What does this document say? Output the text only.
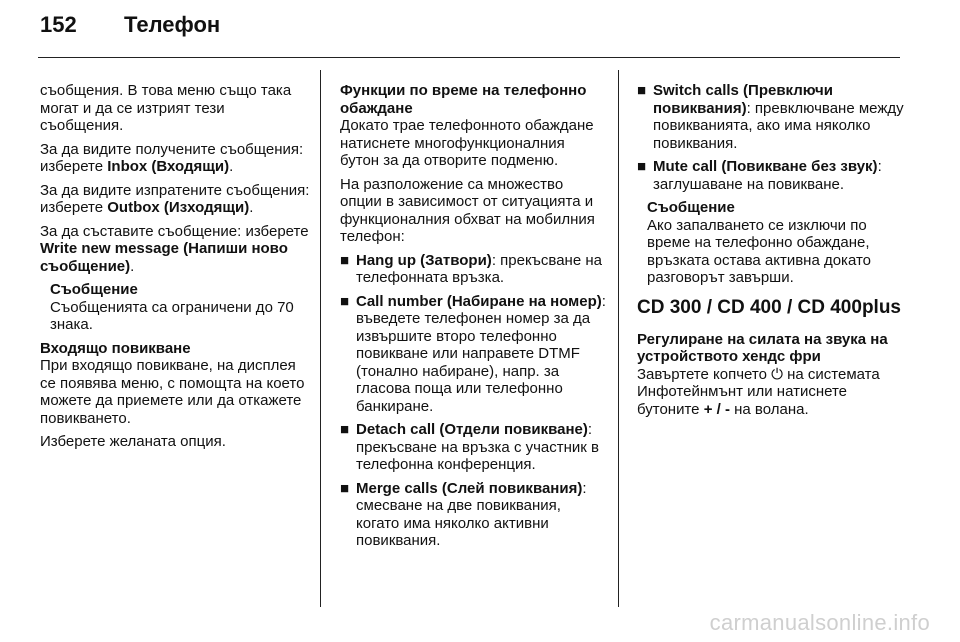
152	Телефон

съобщения. В това меню също така могат и да се изтрият тези съобщения.

За да видите получените съобщения: изберете Inbox (Входящи).

За да видите изпратените съобщения: изберете Outbox (Изходящи).

За да съставите съобщение: изберете Write new message (Напиши ново съобщение).

Съобщение
Съобщенията са ограничени до 70 знака.
Входящо повикване

При входящо повикване, на дисплея се появява меню, с помощта на което можете да приемете или да откажете повикването.

Изберете желаната опция.

Функции по време на телефонно обаждане

Докато трае телефонното обаждане натиснете многофункционалния бутон за да отворите подменю.

На разположение са множество опции в зависимост от ситуацията и функционалния обхват на мобилния телефон:

■ Hang up (Затвори): прекъсване на телефонната връзка.
■ Call number (Набиране на номер): въведете телефонен номер за да извършите второ телефонно повикване или направете DTMF (тонално набиране), напр. за гласова поща или телефонно банкиране.
■ Detach call (Отдели повикване): прекъсване на връзка с участник в телефонна конференция.
■ Merge calls (Слей повиквания): смесване на две повиквания, когато има няколко активни повиквания.
■ Switch calls (Превключи повиквания): превключване между повикванията, ако има няколко повиквания.
■ Mute call (Повикване без звук): заглушаване на повикване.
Съобщение
Ако запалването се изключи по време на телефонно обаждане, връзката остава активна докато разговорът завърши.
CD 300 / CD 400 / CD 400plus
Регулиране на силата на звука на устройството хендс фри

Завъртете копчето ⏻ на системата Инфотейнмънт или натиснете бутоните + / - на волана.

carmanualsonline.info
